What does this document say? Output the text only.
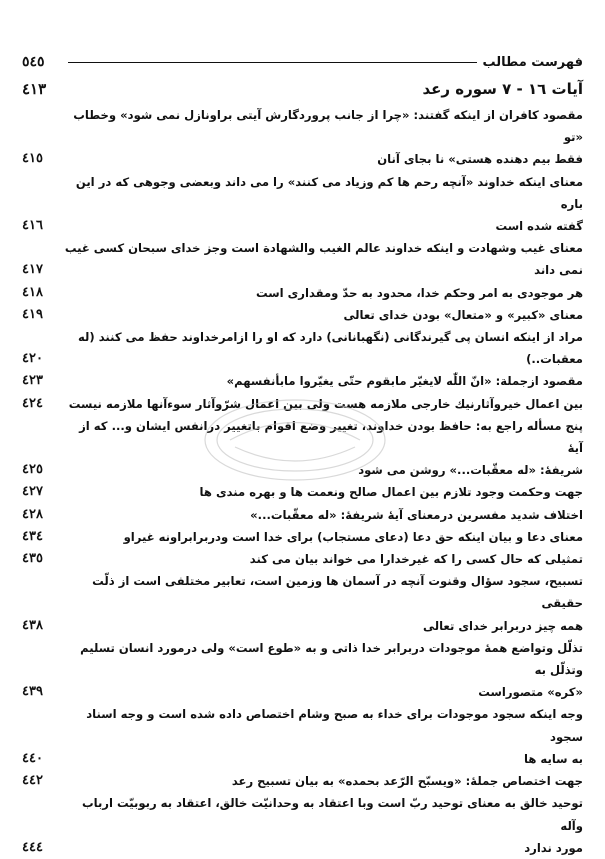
٥٤٥	فهرست مطالب
٤١٣	آيات ١٦ - ٧ سوره رعد
مقصود كافران از اينكه گفتند: «چرا از جانب پروردگارش آيتى براونازل نمى شود» وخطاب «تو
٤١٥	فقط بيم دهنده هستى» نا بجاى آنان
معناى اينكه خداوند «آنچه رحم ها كم وزياد مى كنند» را مى داند وبعضى وجوهى كه در اين باره
٤١٦	گفته شده است
معناى غيب وشهادت و اينكه خداوند عالم الغيب والشهادة است وجز خداى سبحان كسى غيب
٤١٧	نمى داند
٤١٨	هر موجودى به امر وحكم خدا، محدود به حدّ ومقدارى است
٤١٩	معناى «كبير» و «متعال» بودن خداى تعالى
مراد از اينكه انسان پى گيرندگانى (نگهبانانى) دارد كه او را ازامرخداوند حفظ مى كنند (له
٤٢٠	معقبات..)
٤٢٣	مقصود ازجملة: «انّ اللّٰه لايغيّر مابقوم حتّى يغيّروا مابأنفسهم»
٤٢٤	بين اعمال خيروآثارنيك خارجى ملازمه هست ولى بين اعمال شرّوآثار سوءآنها ملازمه نيست
پنج مسأله راجع به: حافظ بودن خداوند، تغيير وضع اقوام باتغيير درانفس ايشان و... كه از آيهٔ
٤٢٥	شريفهٔ: «له معقّبات...» روشن مى شود
٤٢٧	جهت وحكمت وجود تلازم بين اعمال صالح ونعمت ها و بهره مندى ها
٤٢٨	اختلاف شديد مفسرين درمعناى آيهٔ شريفهٔ: «له معقّبات...»
٤٣٤	معناى دعا و بيان اينكه حق دعا (دعاى مستجاب) براى خدا است ودربرابراونه غيراو
٤٣٥	تمثيلى كه حال كسى را كه غيرخدارا مى خواند بيان مى كند
تسبيح، سجود سؤال وقنوت آنچه در آسمان ها وزمين است، تعابير مختلفى است از ذلّت حقيقى
٤٣٨	همه چيز دربرابر خداى تعالى
تذلّل وتواضع همهٔ موجودات دربرابر خدا ذاتى و به «طوع است» ولى درمورد انسان تسليم وتذلّل به
٤٣٩	«كره» متصوراست
وجه اينكه سجود موجودات براى خداء به صبح وشام اختصاص داده شده است و وجه اسناد سجود
٤٤٠	به سايه ها
٤٤٢	جهت اختصاص جملهٔ: «ويسبّح الرّعد بحمده» به بيان تسبيح رعد
توحيد خالق به معناى توحيد ربّ است وبا اعتقاد به وحدانيّت خالق، اعتقاد به ربوبيّت ارباب وآله
٤٤٤	مورد ندارد
